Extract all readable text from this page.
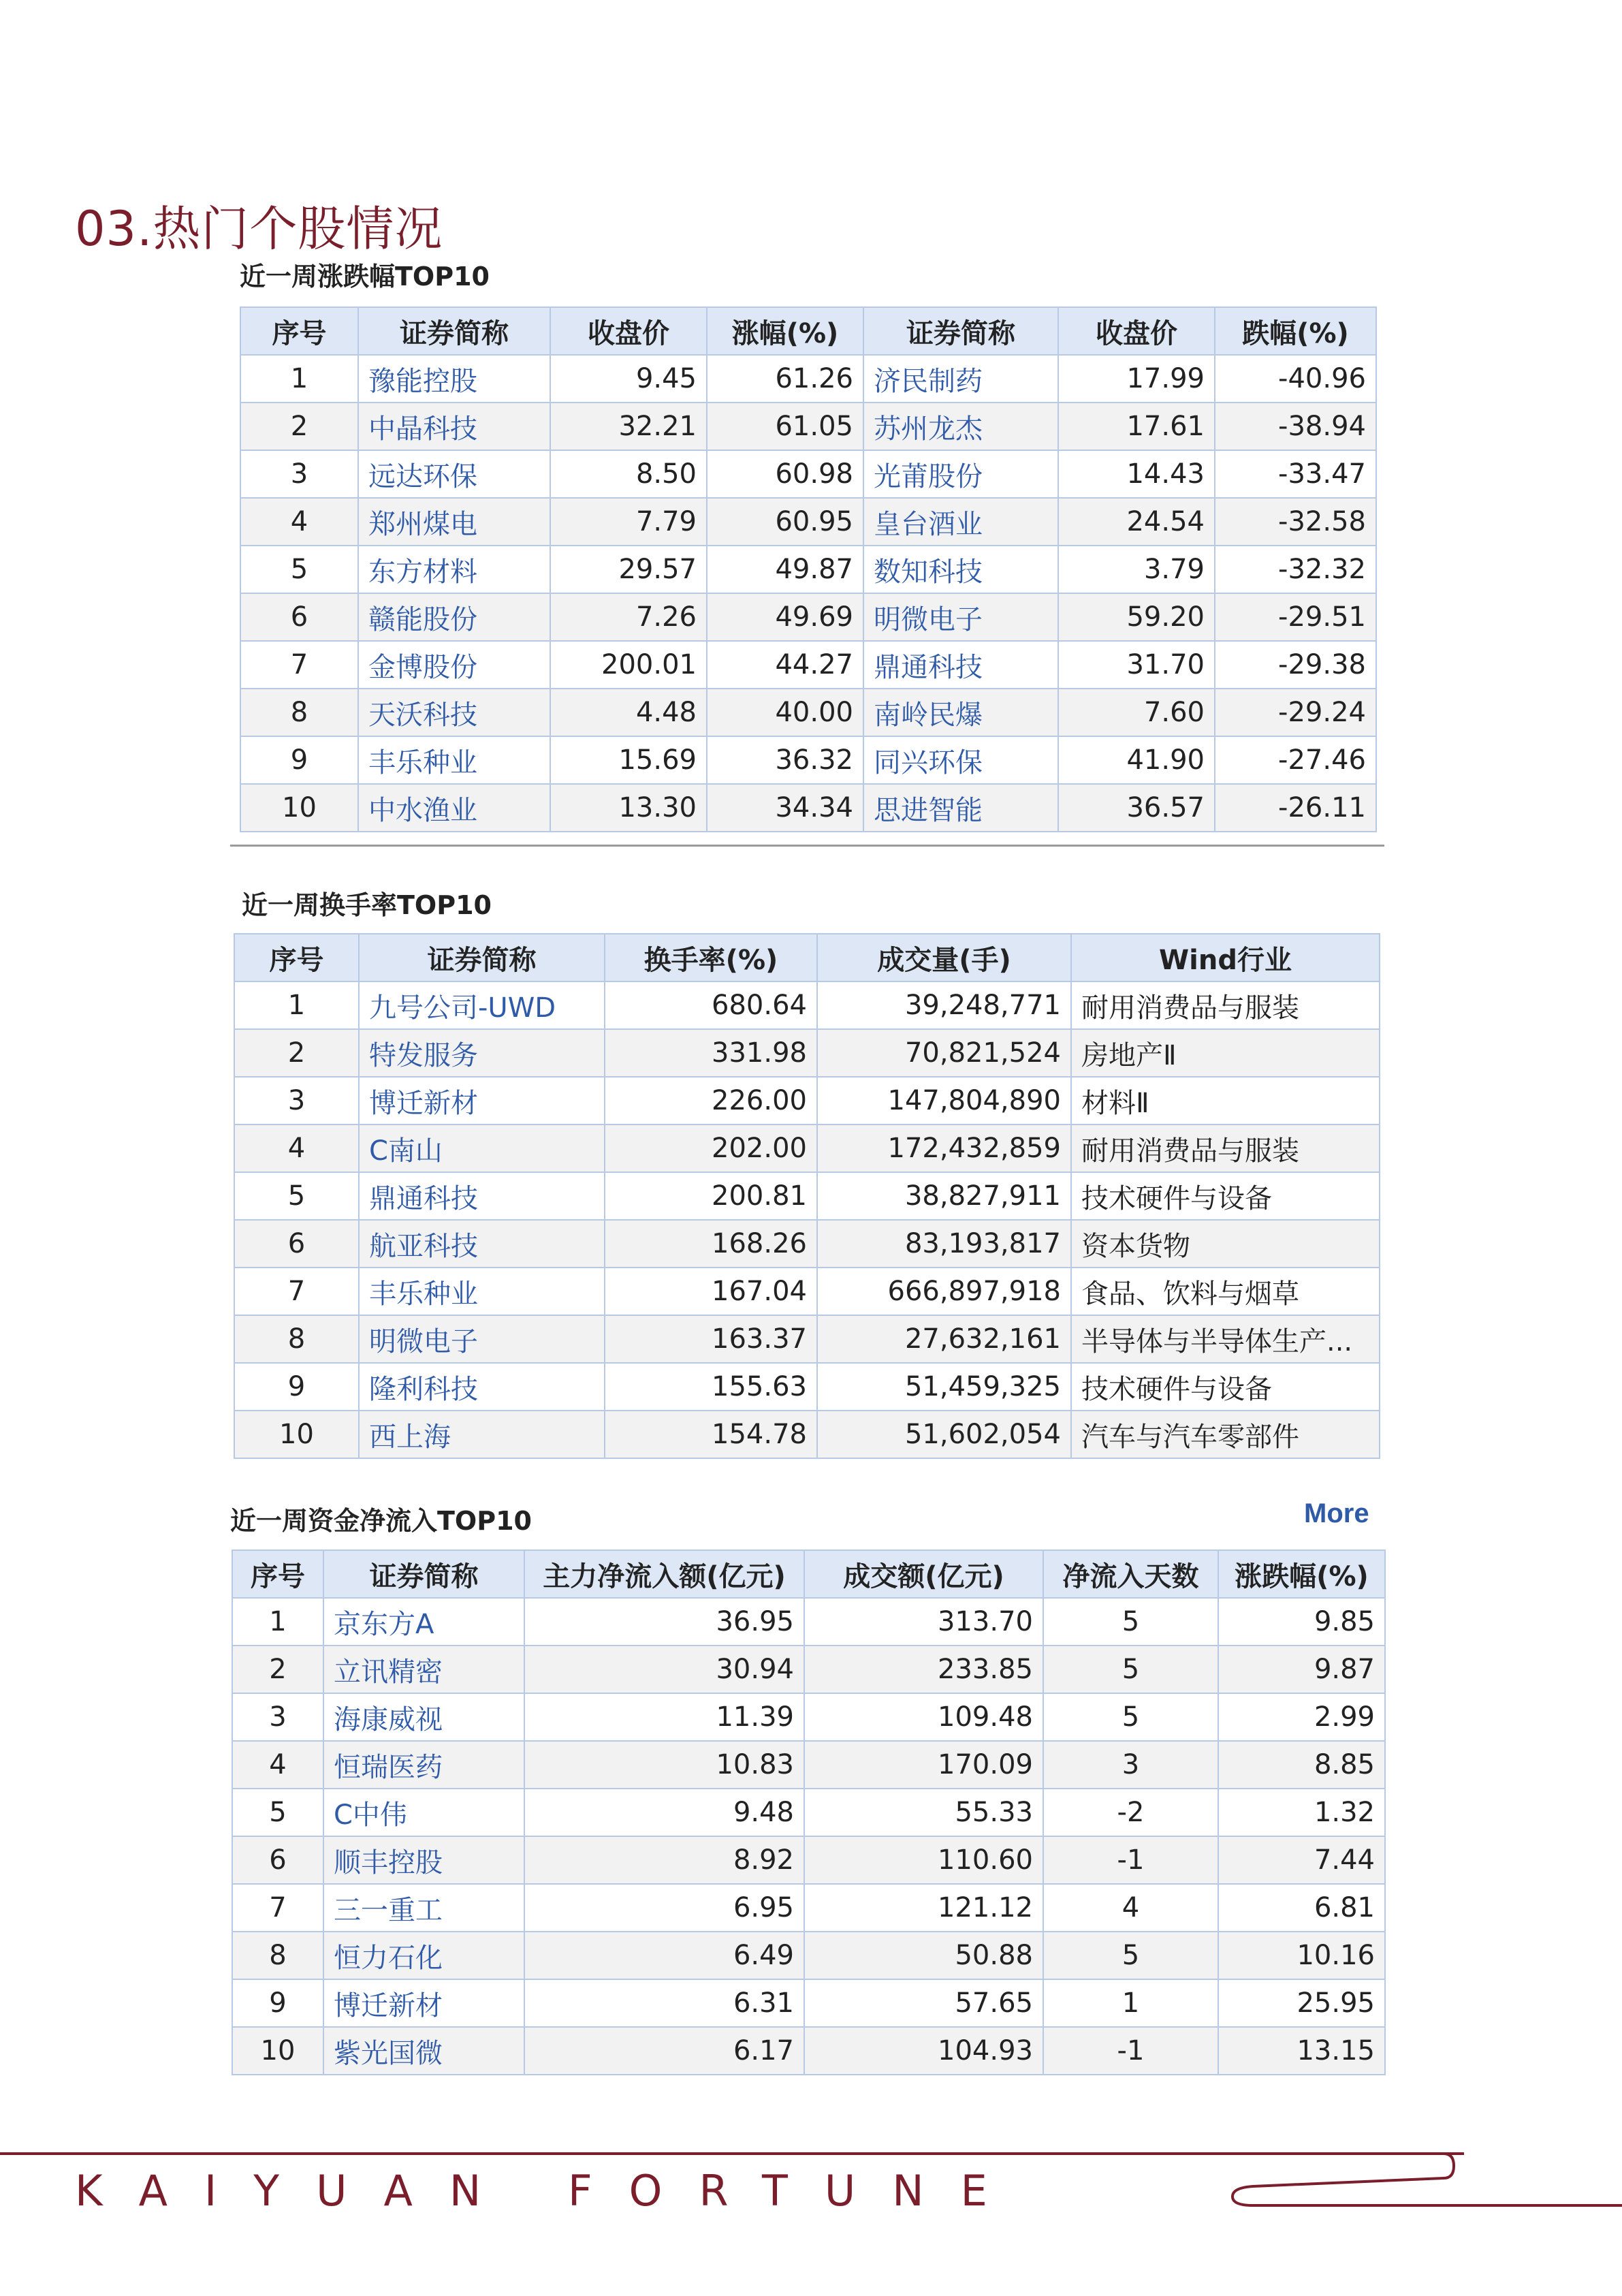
03.热门个股情况
近一周涨跌幅TOP10
序号	证券简称	收盘价	涨幅(%)	证券简称	收盘价	跌幅(%)
1	豫能控股	9.45	61.26	济民制药	17.99	-40.96
2	中晶科技	32.21	61.05	苏州龙杰	17.61	-38.94
3	远达环保	8.50	60.98	光莆股份	14.43	-33.47
4	郑州煤电	7.79	60.95	皇台酒业	24.54	-32.58
5	东方材料	29.57	49.87	数知科技	3.79	-32.32
6	赣能股份	7.26	49.69	明微电子	59.20	-29.51
7	金博股份	200.01	44.27	鼎通科技	31.70	-29.38
8	天沃科技	4.48	40.00	南岭民爆	7.60	-29.24
9	丰乐种业	15.69	36.32	同兴环保	41.90	-27.46
10	中水渔业	13.30	34.34	思进智能	36.57	-26.11
近一周换手率TOP10
序号	证券简称	换手率(%)	成交量(手)	Wind行业
1	九号公司-UWD	680.64	39,248,771	耐用消费品与服装
2	特发服务	331.98	70,821,524	房地产Ⅱ
3	博迁新材	226.00	147,804,890	材料Ⅱ
4	C南山	202.00	172,432,859	耐用消费品与服装
5	鼎通科技	200.81	38,827,911	技术硬件与设备
6	航亚科技	168.26	83,193,817	资本货物
7	丰乐种业	167.04	666,897,918	食品、饮料与烟草
8	明微电子	163.37	27,632,161	半导体与半导体生产...
9	隆利科技	155.63	51,459,325	技术硬件与设备
10	西上海	154.78	51,602,054	汽车与汽车零部件
近一周资金净流入TOP10	More
序号	证券简称	主力净流入额(亿元)	成交额(亿元)	净流入天数	涨跌幅(%)
1	京东方A	36.95	313.70	5	9.85
2	立讯精密	30.94	233.85	5	9.87
3	海康威视	11.39	109.48	5	2.99
4	恒瑞医药	10.83	170.09	3	8.85
5	C中伟	9.48	55.33	-2	1.32
6	顺丰控股	8.92	110.60	-1	7.44
7	三一重工	6.95	121.12	4	6.81
8	恒力石化	6.49	50.88	5	10.16
9	博迁新材	6.31	57.65	1	25.95
10	紫光国微	6.17	104.93	-1	13.15
KAIYUAN FORTUNE
